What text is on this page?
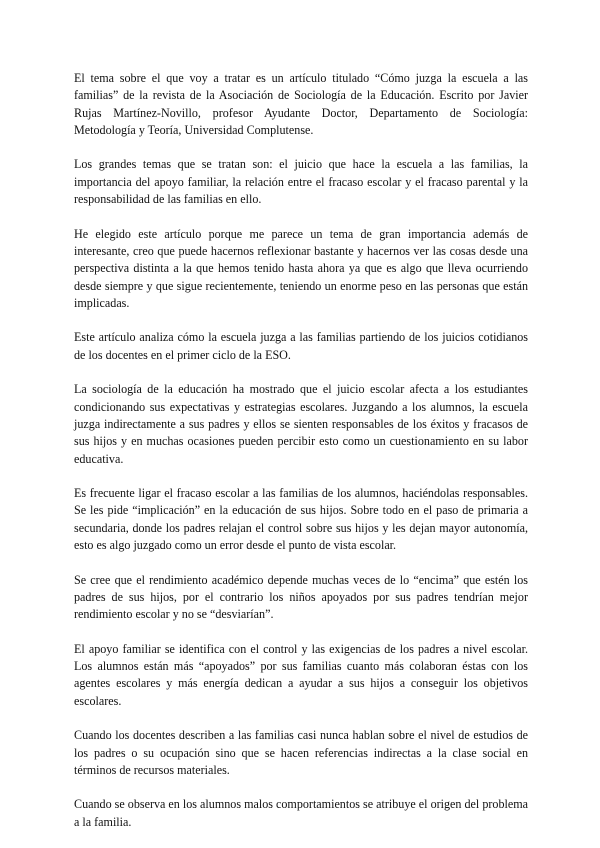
El tema sobre el que voy a tratar es un artículo titulado “Cómo juzga la escuela a las familias” de la revista de la Asociación de Sociología de la Educación. Escrito por Javier Rujas Martínez-Novillo, profesor Ayudante Doctor, Departamento de Sociología: Metodología y Teoría, Universidad Complutense.

Los grandes temas que se tratan son: el juicio que hace la escuela a las familias, la importancia del apoyo familiar, la relación entre el fracaso escolar y el fracaso parental y la responsabilidad de las familias en ello.

He elegido este artículo porque me parece un tema de gran importancia además de interesante, creo que puede hacernos reflexionar bastante y hacernos ver las cosas desde una perspectiva distinta a la que hemos tenido hasta ahora ya que es algo que lleva ocurriendo desde siempre y que sigue recientemente, teniendo un enorme peso en las personas que están implicadas.

Este artículo analiza cómo la escuela juzga a las familias partiendo de los juicios cotidianos de los docentes en el primer ciclo de la ESO.

La sociología de la educación ha mostrado que el juicio escolar afecta a los estudiantes condicionando sus expectativas y estrategias escolares. Juzgando a los alumnos, la escuela juzga indirectamente a sus padres y ellos se sienten responsables de los éxitos y fracasos de sus hijos y en muchas ocasiones pueden percibir esto como un cuestionamiento en su labor educativa.

Es frecuente ligar el fracaso escolar a las familias de los alumnos, haciéndolas responsables. Se les pide “implicación” en la educación de sus hijos. Sobre todo en el paso de primaria a secundaria, donde los padres relajan el control sobre sus hijos y les dejan mayor autonomía, esto es algo juzgado como un error desde el punto de vista escolar.

Se cree que el rendimiento académico depende muchas veces de lo “encima” que estén los padres de sus hijos, por el contrario los niños apoyados por sus padres tendrían mejor rendimiento escolar y no se “desviarían”.

El apoyo familiar se identifica con el control y las exigencias de los padres a nivel escolar. Los alumnos están más “apoyados” por sus familias cuanto más colaboran éstas con los agentes escolares y más energía dedican a ayudar a sus hijos a conseguir los objetivos escolares.

Cuando los docentes describen a las familias casi nunca hablan sobre el nivel de estudios de los padres o su ocupación sino que se hacen referencias indirectas a la clase social en términos de recursos materiales.

Cuando se observa en los alumnos malos comportamientos se atribuye el origen del problema a la familia.
